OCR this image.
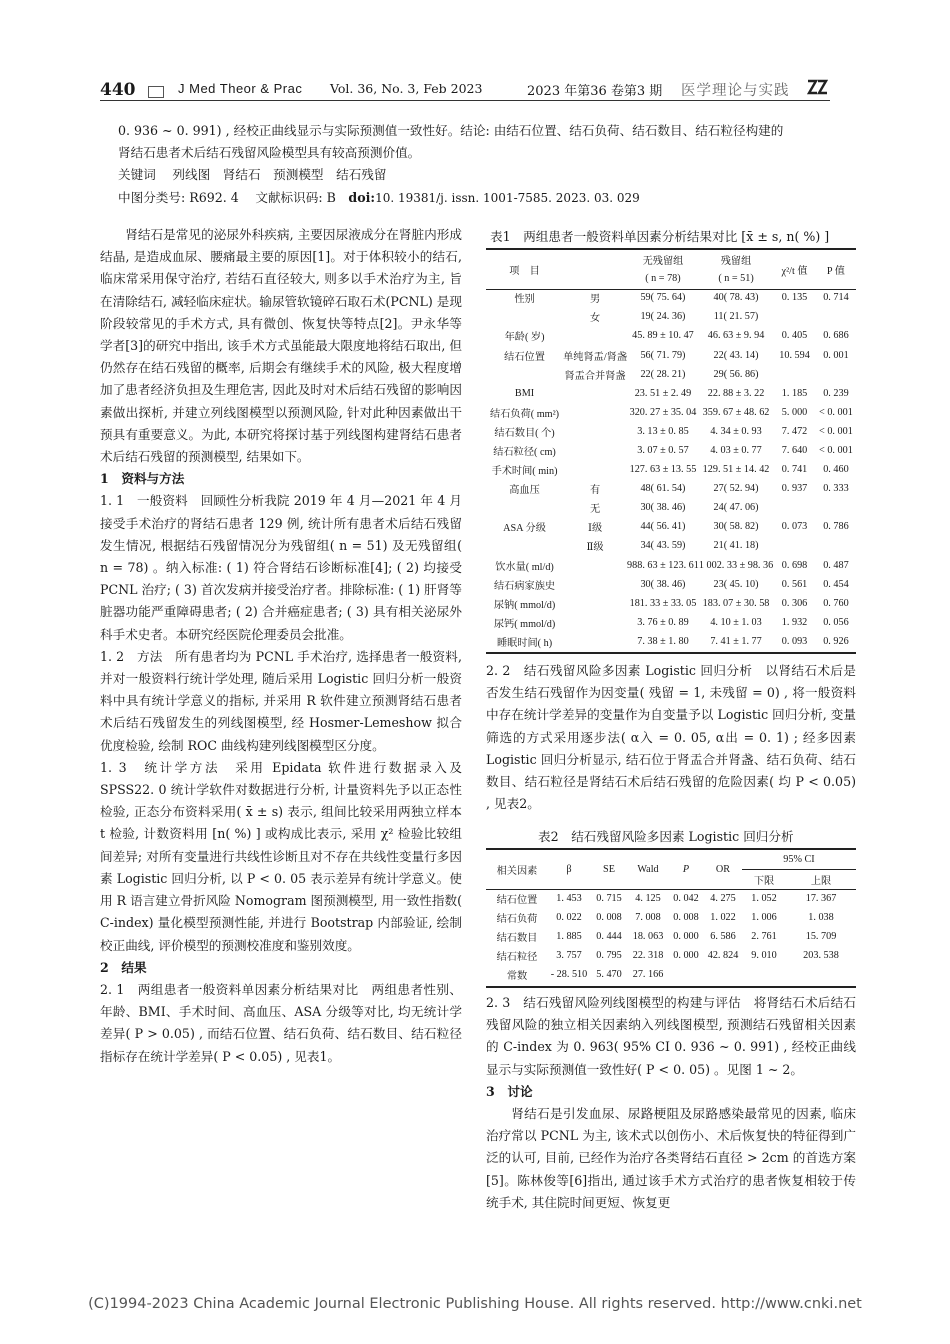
440	J Med Theor & Prac Vol. 36, No. 3, Feb 2023	2023 年第36 卷第3 期 医学理论与实践

0. 936 ~ 0. 991) , 经校正曲线显示与实际预测值一致性好。结论: 由结石位置、结石负荷、结石数目、结石粒径构建的

肾结石患者术后结石残留风险模型具有较高预测价值。

关键词　 列线图　肾结石　预测模型　结石残留

中图分类号: R692. 4　 文献标识码: B　doi:10. 19381/j. issn. 1001-7585. 2023. 03. 029

肾结石是常见的泌尿外科疾病, 主要因尿液成分在肾脏内形成结晶, 是造成血尿、腰痛最主要的原因[1]。对于体积较小的结石, 临床常采用保守治疗, 若结石直径较大, 则多以手术治疗为主, 旨在清除结石, 减轻临床症状。输尿管软镜碎石取石术(PCNL) 是现阶段较常见的手术方式, 具有微创、恢复快等特点[2]。尹永华等学者[3]的研究中指出, 该手术方式虽能最大限度地将结石取出, 但仍然存在结石残留的概率, 后期会有继续手术的风险, 极大程度增加了患者经济负担及生理危害, 因此及时对术后结石残留的影响因素做出探析, 并建立列线图模型以预测风险, 针对此种因素做出干预具有重要意义。为此, 本研究将探讨基于列线图构建肾结石患者术后结石残留的预测模型, 结果如下。

1　资料与方法

1. 1　一般资料　回顾性分析我院 2019 年 4 月—2021 年 4 月接受手术治疗的肾结石患者 129 例, 统计所有患者术后结石残留发生情况, 根据结石残留情况分为残留组( n = 51) 及无残留组( n = 78) 。纳入标准: ( 1) 符合肾结石诊断标准[4]; ( 2) 均接受 PCNL 治疗; ( 3) 首次发病并接受治疗者。排除标准: ( 1) 肝肾等脏器功能严重障碍患者; ( 2) 合并癌症患者; ( 3) 具有相关泌尿外科手术史者。本研究经医院伦理委员会批准。

1. 2　方法　所有患者均为 PCNL 手术治疗, 选择患者一般资料, 并对一般资料行统计学处理, 随后采用 Logistic 回归分析一般资料中具有统计学意义的指标, 并采用 R 软件建立预测肾结石患者术后结石残留发生的列线图模型, 经 Hosmer-Lemeshow 拟合优度检验, 绘制 ROC 曲线构建列线图模型区分度。

1. 3　统计学方法　采用 Epidata 软件进行数据录入及 SPSS22. 0 统计学软件对数据进行分析, 计量资料先予以正态性检验, 正态分布资料采用( x̄ ± s) 表示, 组间比较采用两独立样本 t 检验, 计数资料用 [n( %) ] 或构成比表示, 采用 χ² 检验比较组间差异; 对所有变量进行共线性诊断且对不存在共线性变量行多因素 Logistic 回归分析, 以 P < 0. 05 表示差异有统计学意义。使用 R 语言建立骨折风险 Nomogram 图预测模型, 用一致性指数( C-index) 量化模型预测性能, 并进行 Bootstrap 内部验证, 绘制校正曲线, 评价模型的预测校准度和鉴别效度。

2　结果

2. 1　两组患者一般资料单因素分析结果对比　两组患者性别、年龄、BMI、手术时间、高血压、ASA 分级等对比, 均无统计学差异( P > 0.05) , 而结石位置、结石负荷、结石数目、结石粒径指标存在统计学差异( P < 0.05) , 见表1。

表1　两组患者一般资料单因素分析结果对比 [x̄ ± s, n( %) ]
项　目		无残留组	残留组	χ²/t 值	P 值
		( n = 78)	( n = 51)		
性别	男	59( 75. 64)	40( 78. 43)	0. 135	0. 714
	女	19( 24. 36)	11( 21. 57)		
年龄( 岁)		45. 89 ± 10. 47	46. 63 ± 9. 94	0. 405	0. 686
结石位置	单纯肾盂/肾盏	56( 71. 79)	22( 43. 14)	10. 594	0. 001
	肾盂合并肾盏	22( 28. 21)	29( 56. 86)		
BMI		23. 51 ± 2. 49	22. 88 ± 3. 22	1. 185	0. 239
结石负荷( mm²)		320. 27 ± 35. 04	359. 67 ± 48. 62	5. 000	< 0. 001
结石数目( 个)		3. 13 ± 0. 85	4. 34 ± 0. 93	7. 472	< 0. 001
结石粒径( cm)		3. 07 ± 0. 57	4. 03 ± 0. 77	7. 640	< 0. 001
手术时间( min)		127. 63 ± 13. 55	129. 51 ± 14. 42	0. 741	0. 460
高血压	有	48( 61. 54)	27( 52. 94)	0. 937	0. 333
	无	30( 38. 46)	24( 47. 06)		
ASA 分级	Ⅰ级	44( 56. 41)	30( 58. 82)	0. 073	0. 786
	Ⅱ级	34( 43. 59)	21( 41. 18)		
饮水量( ml/d)		988. 63 ± 123. 61	1 002. 33 ± 98. 36	0. 698	0. 487
结石病家族史		30( 38. 46)	23( 45. 10)	0. 561	0. 454
尿钠( mmol/d)		181. 33 ± 33. 05	183. 07 ± 30. 58	0. 306	0. 760
尿钙( mmol/d)		3. 76 ± 0. 89	4. 10 ± 1. 03	1. 932	0. 056
睡眠时间( h)		7. 38 ± 1. 80	7. 41 ± 1. 77	0. 093	0. 926

2. 2　结石残留风险多因素 Logistic 回归分析　以肾结石术后是否发生结石残留作为因变量( 残留 = 1, 未残留 = 0) , 将一般资料中存在统计学差异的变量作为自变量予以 Logistic 回归分析, 变量筛选的方式采用逐步法( α入 = 0. 05, α出 = 0. 1) ; 经多因素 Logistic 回归分析显示, 结石位于肾盂合并肾盏、结石负荷、结石数目、结石粒径是肾结石术后结石残留的危险因素( 均 P < 0.05) , 见表2。

表2　结石残留风险多因素 Logistic 回归分析
相关因素	β	SE	Wald	P	OR	95% CI	
						下限	上限
结石位置	1. 453	0. 715	4. 125	0. 042	4. 275	1. 052	17. 367
结石负荷	0. 022	0. 008	7. 008	0. 008	1. 022	1. 006	1. 038
结石数目	1. 885	0. 444	18. 063	0. 000	6. 586	2. 761	15. 709
结石粒径	3. 757	0. 795	22. 318	0. 000	42. 824	9. 010	203. 538
常数	- 28. 510	5. 470	27. 166				

2. 3　结石残留风险列线图模型的构建与评估　将肾结石术后结石残留风险的独立相关因素纳入列线图模型, 预测结石残留相关因素的 C-index 为 0. 963( 95% CI 0. 936 ~ 0. 991) , 经校正曲线显示与实际预测值一致性好( P < 0. 05) 。见图 1 ~ 2。

3　讨论

肾结石是引发血尿、尿路梗阻及尿路感染最常见的因素, 临床治疗常以 PCNL 为主, 该术式以创伤小、术后恢复快的特征得到广泛的认可, 目前, 已经作为治疗各类肾结石直径 > 2cm 的首选方案[5]。陈林俊等[6]指出, 通过该手术方式治疗的患者恢复相较于传统手术, 其住院时间更短、恢复更

(C)1994-2023 China Academic Journal Electronic Publishing House. All rights reserved. http://www.cnki.net
